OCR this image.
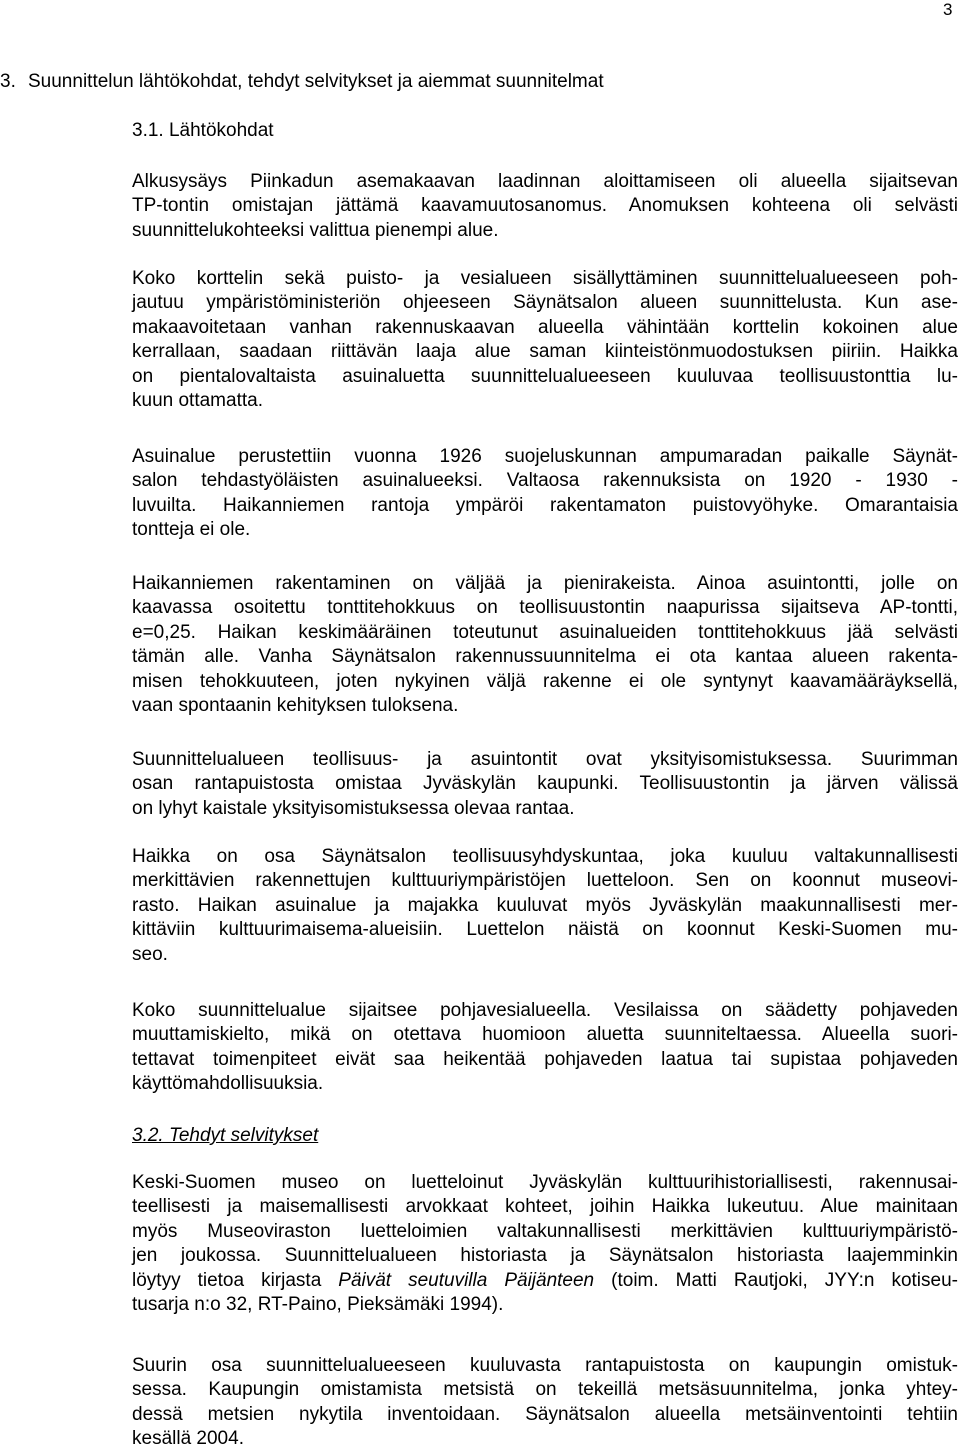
3
3. Suunnittelun lähtökohdat, tehdyt selvitykset ja aiemmat suunnitelmat
3.1. Lähtökohdat
Alkusysäys Piinkadun asemakaavan laadinnan aloittamiseen oli alueella sijaitsevan
TP-tontin omistajan jättämä kaavamuutosanomus. Anomuksen kohteena oli selvästi
suunnittelukohteeksi valittua pienempi alue.
Koko korttelin sekä puisto- ja vesialueen sisällyttäminen suunnittelualueeseen poh-
jautuu ympäristöministeriön ohjeeseen Säynätsalon alueen suunnittelusta. Kun ase-
makaavoitetaan vanhan rakennuskaavan alueella vähintään korttelin kokoinen alue
kerrallaan, saadaan riittävän laaja alue saman kiinteistönmuodostuksen piiriin. Haikka
on pientalovaltaista asuinaluetta suunnittelualueeseen kuuluvaa teollisuustonttia lu-
kuun ottamatta.
Asuinalue perustettiin vuonna 1926 suojeluskunnan ampumaradan paikalle Säynät-
salon tehdastyöläisten asuinalueeksi. Valtaosa rakennuksista on 1920 - 1930 -
luvuilta. Haikanniemen rantoja ympäröi rakentamaton puistovyöhyke. Omarantaisia
tontteja ei ole.
Haikanniemen rakentaminen on väljää ja pienirakeista. Ainoa asuintontti, jolle on
kaavassa osoitettu tonttitehokkuus on teollisuustontin naapurissa sijaitseva AP-tontti,
e=0,25. Haikan keskimääräinen toteutunut asuinalueiden tonttitehokkuus jää selvästi
tämän alle. Vanha Säynätsalon rakennussuunnitelma ei ota kantaa alueen rakenta-
misen tehokkuuteen, joten nykyinen väljä rakenne ei ole syntynyt kaavamääräyksellä,
vaan spontaanin kehityksen tuloksena.
Suunnittelualueen teollisuus- ja asuintontit ovat yksityisomistuksessa. Suurimman
osan rantapuistosta omistaa Jyväskylän kaupunki. Teollisuustontin ja järven välissä
on lyhyt kaistale yksityisomistuksessa olevaa rantaa.
Haikka on osa Säynätsalon teollisuusyhdyskuntaa, joka kuuluu valtakunnallisesti
merkittävien rakennettujen kulttuuriympäristöjen luetteloon. Sen on koonnut museovi-
rasto. Haikan asuinalue ja majakka kuuluvat myös Jyväskylän maakunnallisesti mer-
kittäviin kulttuurimaisema-alueisiin. Luettelon näistä on koonnut Keski-Suomen mu-
seo.
Koko suunnittelualue sijaitsee pohjavesialueella. Vesilaissa on säädetty pohjaveden
muuttamiskielto, mikä on otettava huomioon aluetta suunniteltaessa. Alueella suori-
tettavat toimenpiteet eivät saa heikentää pohjaveden laatua tai supistaa pohjaveden
käyttömahdollisuuksia.
3.2. Tehdyt selvitykset
Keski-Suomen museo on luetteloinut Jyväskylän kulttuurihistoriallisesti, rakennusai-
teellisesti ja maisemallisesti arvokkaat kohteet, joihin Haikka lukeutuu. Alue mainitaan
myös Museoviraston luetteloimien valtakunnallisesti merkittävien kulttuuriympäristö-
jen joukossa. Suunnittelualueen historiasta ja Säynätsalon historiasta laajemminkin
löytyy tietoa kirjasta Päivät seutuvilla Päijänteen (toim. Matti Rautjoki, JYY:n kotiseu-
tusarja n:o 32, RT-Paino, Pieksämäki 1994).
Suurin osa suunnittelualueeseen kuuluvasta rantapuistosta on kaupungin omistuk-
sessa. Kaupungin omistamista metsistä on tekeillä metsäsuunnitelma, jonka yhtey-
dessä metsien nykytila inventoidaan. Säynätsalon alueella metsäinventointi tehtiin
kesällä 2004.
